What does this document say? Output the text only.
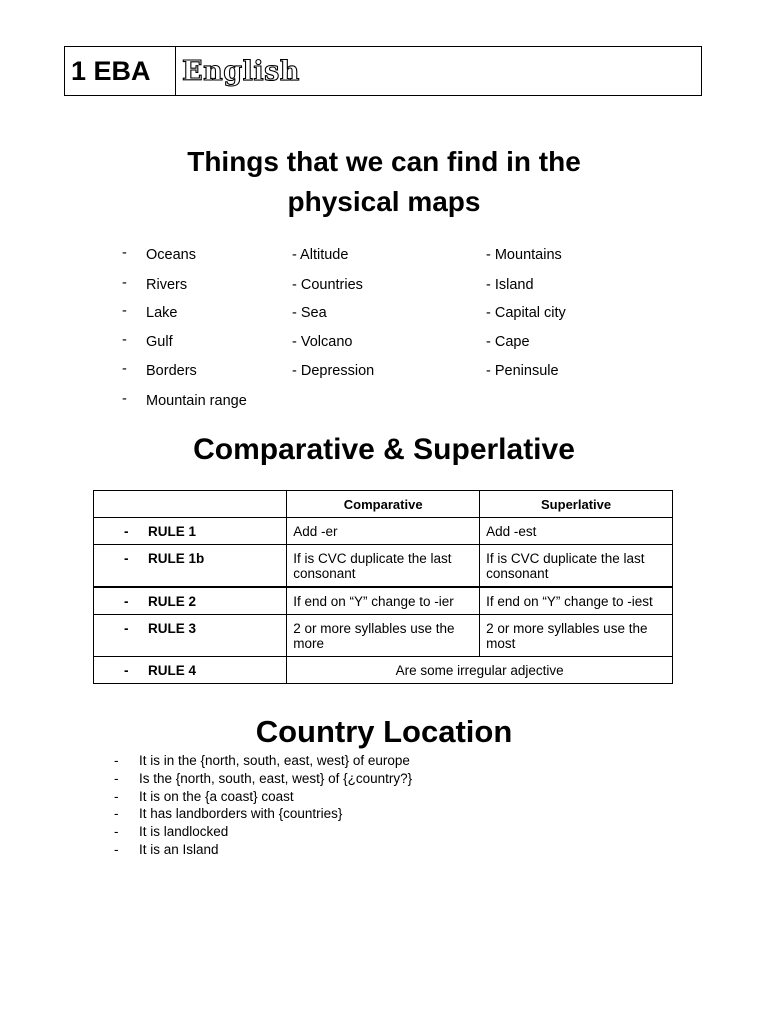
1 EBA	English
Things that we can find in the
physical maps
- Oceans
- Rivers
- Lake
- Gulf
- Borders
- Mountain range
- Altitude
- Countries
- Sea
- Volcano
- Depression
- Mountains
- Island
- Capital city
- Cape
- Peninsule
Comparative & Superlative
	Comparative	Superlative
- RULE 1	Add -er	Add -est
- RULE 1b	If is CVC duplicate the last consonant	If is CVC duplicate the last consonant
- RULE 2	If end on “Y” change to -ier	If end on “Y” change to -iest
- RULE 3	2 or more syllables use the more	2 or more syllables use the most
- RULE 4	Are some irregular adjective	
Country Location
-	It is in the {north, south, east, west} of europe
-	Is the {north, south, east, west} of {¿country?}
-	It is on the {a coast} coast
-	It has landborders with {countries}
-	It is landlocked
-	It is an Island
